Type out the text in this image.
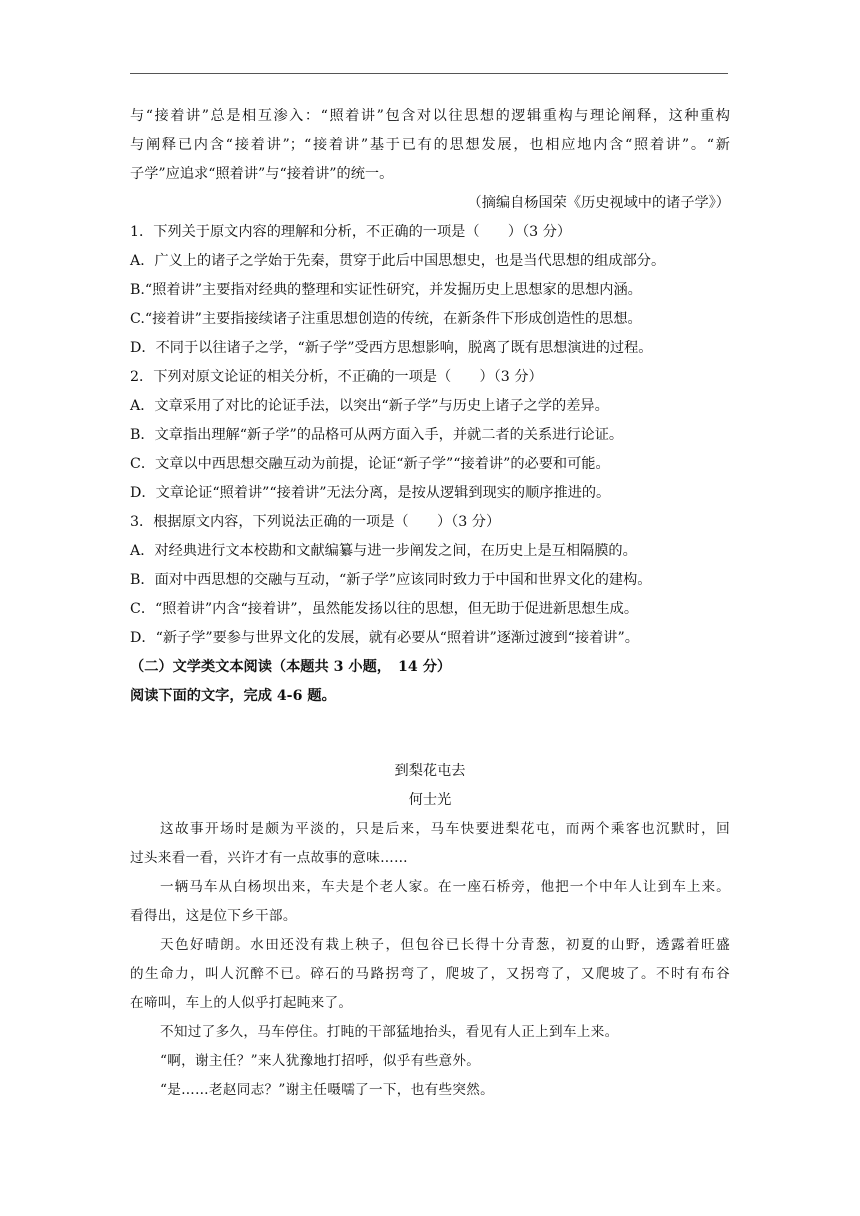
与“接着讲”总是相互渗入：“照着讲”包含对以往思想的逻辑重构与理论阐释，这种重构
与阐释已内含“接着讲”；“接着讲”基于已有的思想发展，也相应地内含“照着讲”。“新
子学”应追求“照着讲”与“接着讲”的统一。
（摘编自杨国荣《历史视域中的诸子学》）
1．下列关于原文内容的理解和分析，不正确的一项是（　　）（3 分）
A．广义上的诸子之学始于先秦，贯穿于此后中国思想史，也是当代思想的组成部分。
B.“照着讲”主要指对经典的整理和实证性研究，并发掘历史上思想家的思想内涵。
C.“接着讲”主要指接续诸子注重思想创造的传统，在新条件下形成创造性的思想。
D．不同于以往诸子之学，“新子学”受西方思想影响，脱离了既有思想演进的过程。
2．下列对原文论证的相关分析，不正确的一项是（　　）（3 分）
A．文章采用了对比的论证手法，以突出“新子学”与历史上诸子之学的差异。
B．文章指出理解“新子学”的品格可从两方面入手，并就二者的关系进行论证。
C．文章以中西思想交融互动为前提，论证“新子学”“接着讲”的必要和可能。
D．文章论证“照着讲”“接着讲”无法分离，是按从逻辑到现实的顺序推进的。
3．根据原文内容，下列说法正确的一项是（　　）（3 分）
A．对经典进行文本校勘和文献编纂与进一步阐发之间，在历史上是互相隔膜的。
B．面对中西思想的交融与互动，“新子学”应该同时致力于中国和世界文化的建构。
C．“照着讲”内含“接着讲”，虽然能发扬以往的思想，但无助于促进新思想生成。
D．“新子学”要参与世界文化的发展，就有必要从“照着讲”逐渐过渡到“接着讲”。
（二）文学类文本阅读（本题共 3 小题，　14 分）
阅读下面的文字，完成 4-6 题。
到梨花屯去
何士光
这故事开场时是颇为平淡的，只是后来，马车快要进梨花屯，而两个乘客也沉默时，回
过头来看一看，兴许才有一点故事的意味……
一辆马车从白杨坝出来，车夫是个老人家。在一座石桥旁，他把一个中年人让到车上来。
看得出，这是位下乡干部。
天色好晴朗。水田还没有栽上秧子，但包谷已长得十分青葱，初夏的山野，透露着旺盛
的生命力，叫人沉醉不已。碎石的马路拐弯了，爬坡了，又拐弯了，又爬坡了。不时有布谷
在啼叫，车上的人似乎打起盹来了。
不知过了多久，马车停住。打盹的干部猛地抬头，看见有人正上到车上来。
“啊，谢主任？”来人犹豫地打招呼，似乎有些意外。
“是……老赵同志？”谢主任嗫嚅了一下，也有些突然。
